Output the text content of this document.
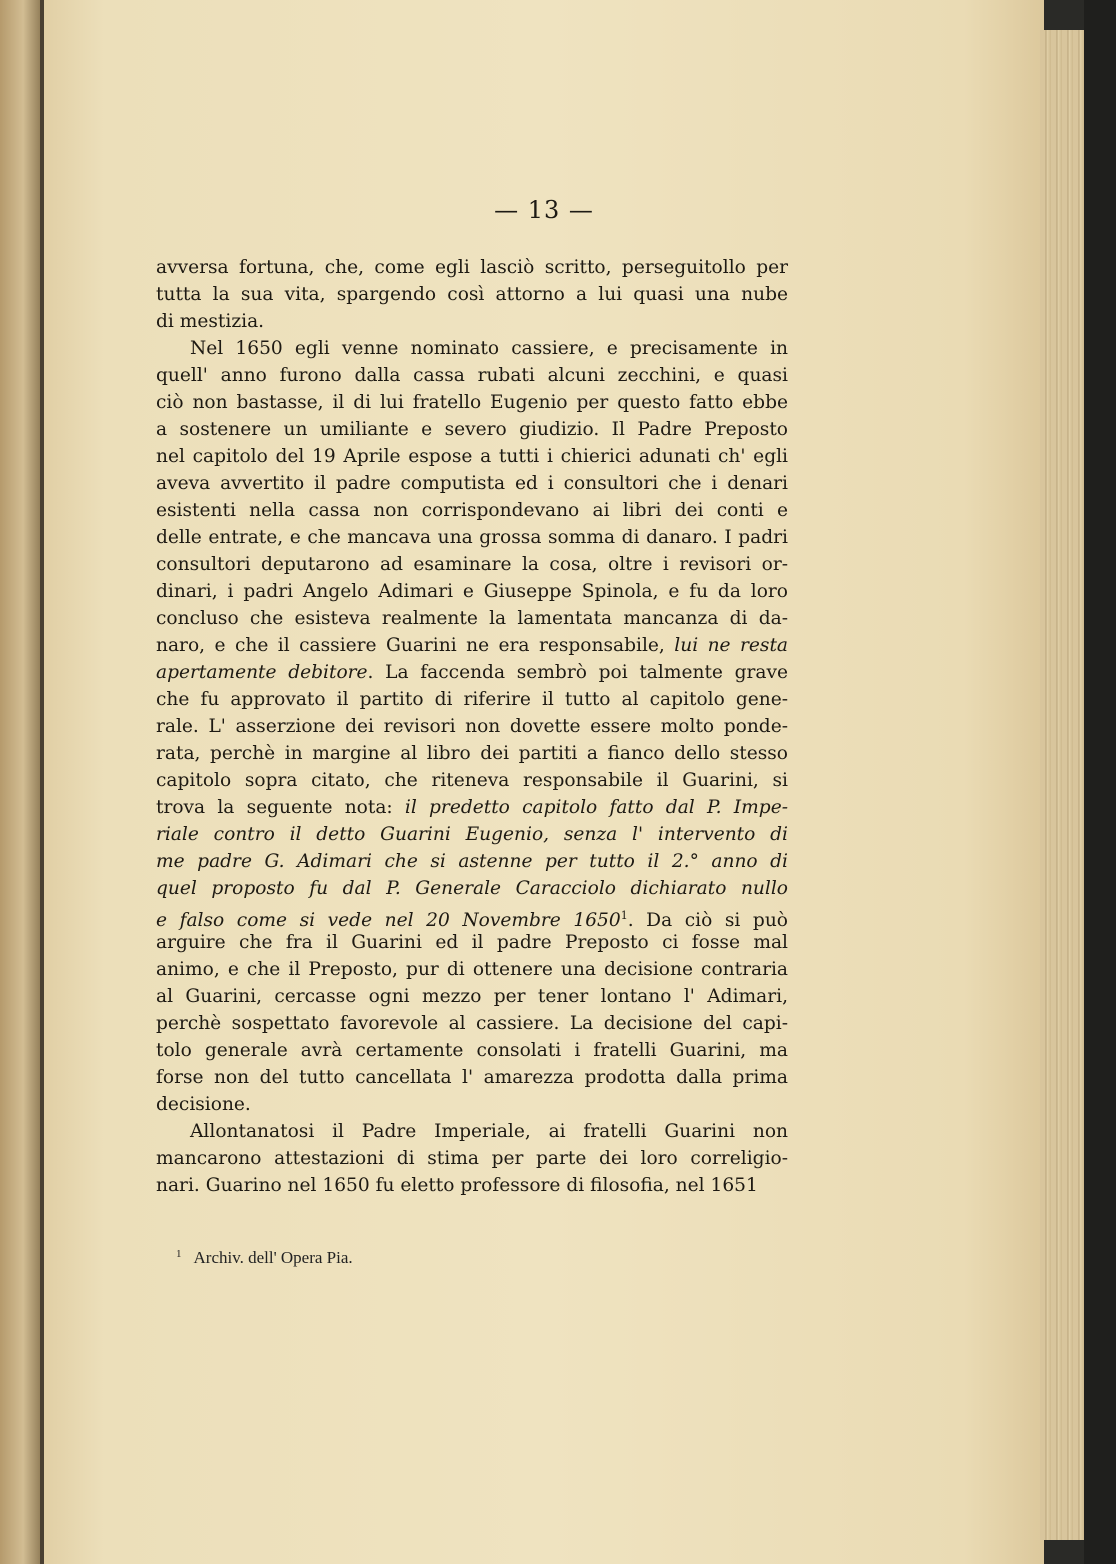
— 13 —
avversa fortuna, che, come egli lasciò scritto, perseguitollo per
tutta la sua vita, spargendo così attorno a lui quasi una nube
di mestizia.
Nel 1650 egli venne nominato cassiere, e precisamente in
quell' anno furono dalla cassa rubati alcuni zecchini, e quasi
ciò non bastasse, il di lui fratello Eugenio per questo fatto ebbe
a sostenere un umiliante e severo giudizio. Il Padre Preposto
nel capitolo del 19 Aprile espose a tutti i chierici adunati ch' egli
aveva avvertito il padre computista ed i consultori che i denari
esistenti nella cassa non corrispondevano ai libri dei conti e
delle entrate, e che mancava una grossa somma di danaro. I padri
consultori deputarono ad esaminare la cosa, oltre i revisori or-
dinari, i padri Angelo Adimari e Giuseppe Spinola, e fu da loro
concluso che esisteva realmente la lamentata mancanza di da-
naro, e che il cassiere Guarini ne era responsabile, lui ne resta
apertamente debitore. La faccenda sembrò poi talmente grave
che fu approvato il partito di riferire il tutto al capitolo gene-
rale. L' asserzione dei revisori non dovette essere molto ponde-
rata, perchè in margine al libro dei partiti a fianco dello stesso
capitolo sopra citato, che riteneva responsabile il Guarini, si
trova la seguente nota: il predetto capitolo fatto dal P. Impe-
riale contro il detto Guarini Eugenio, senza l' intervento di
me padre G. Adimari che si astenne per tutto il 2.° anno di
quel proposto fu dal P. Generale Caracciolo dichiarato nullo
e falso come si vede nel 20 Novembre 1650$^1$. Da ciò si può
arguire che fra il Guarini ed il padre Preposto ci fosse mal
animo, e che il Preposto, pur di ottenere una decisione contraria
al Guarini, cercasse ogni mezzo per tener lontano l' Adimari,
perchè sospettato favorevole al cassiere. La decisione del capi-
tolo generale avrà certamente consolati i fratelli Guarini, ma
forse non del tutto cancellata l' amarezza prodotta dalla prima
decisione.
Allontanatosi il Padre Imperiale, ai fratelli Guarini non
mancarono attestazioni di stima per parte dei loro correligio-
nari. Guarino nel 1650 fu eletto professore di filosofia, nel 1651
$^1$ Archiv. dell' Opera Pia.
